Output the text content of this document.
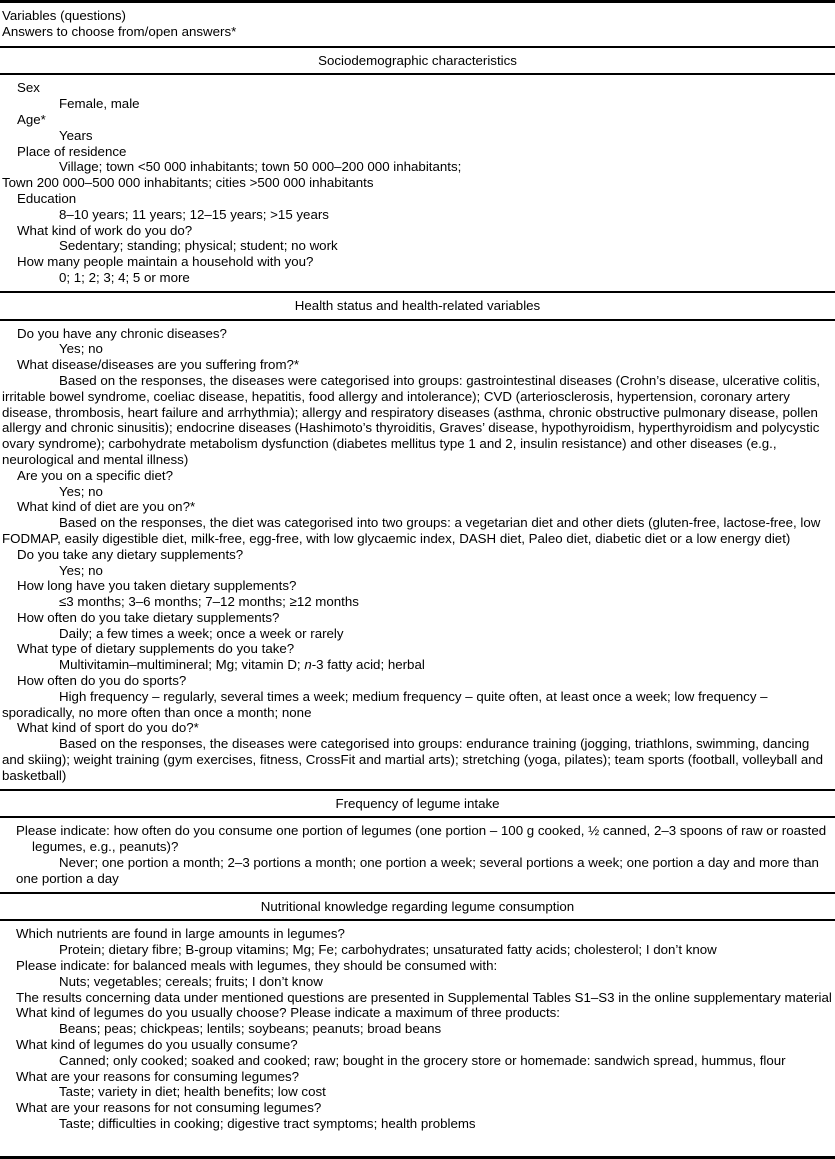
Variables (questions)

Answers to choose from/open answers*

Sociodemographic characteristics

Sex

Female, male

Age*

Years

Place of residence

Village; town <50 000 inhabitants; town 50 000–200 000 inhabitants;

Town 200 000–500 000 inhabitants; cities >500 000 inhabitants

Education

8–10 years; 11 years; 12–15 years; >15 years

What kind of work do you do?

Sedentary; standing; physical; student; no work

How many people maintain a household with you?

0; 1; 2; 3; 4; 5 or more

Health status and health-related variables

Do you have any chronic diseases?

Yes; no

What disease/diseases are you suffering from?*

Based on the responses, the diseases were categorised into groups: gastrointestinal diseases (Crohn’s disease, ulcerative colitis, irritable bowel syndrome, coeliac disease, hepatitis, food allergy and intolerance); CVD (arteriosclerosis, hypertension, coronary artery disease, thrombosis, heart failure and arrhythmia); allergy and respiratory diseases (asthma, chronic obstructive pulmonary disease, pollen allergy and chronic sinusitis); endocrine diseases (Hashimoto’s thyroiditis, Graves’ disease, hypothyroidism, hyperthyroidism and polycystic ovary syndrome); carbohydrate metabolism dysfunction (diabetes mellitus type 1 and 2, insulin resistance) and other diseases (e.g., neurological and mental illness)

Are you on a specific diet?

Yes; no

What kind of diet are you on?*

Based on the responses, the diet was categorised into two groups: a vegetarian diet and other diets (gluten-free, lactose-free, low FODMAP, easily digestible diet, milk-free, egg-free, with low glycaemic index, DASH diet, Paleo diet, diabetic diet or a low energy diet)

Do you take any dietary supplements?

Yes; no

How long have you taken dietary supplements?

≤3 months; 3–6 months; 7–12 months; ≥12 months

How often do you take dietary supplements?

Daily; a few times a week; once a week or rarely

What type of dietary supplements do you take?

Multivitamin–multimineral; Mg; vitamin D; n-3 fatty acid; herbal

How often do you do sports?

High frequency – regularly, several times a week; medium frequency – quite often, at least once a week; low frequency – sporadically, no more often than once a month; none

What kind of sport do you do?*

Based on the responses, the diseases were categorised into groups: endurance training (jogging, triathlons, swimming, dancing and skiing); weight training (gym exercises, fitness, CrossFit and martial arts); stretching (yoga, pilates); team sports (football, volleyball and basketball)

Frequency of legume intake

Please indicate: how often do you consume one portion of legumes (one portion – 100 g cooked, ½ canned, 2–3 spoons of raw or roasted legumes, e.g., peanuts)?

Never; one portion a month; 2–3 portions a month; one portion a week; several portions a week; one portion a day and more than one portion a day

Nutritional knowledge regarding legume consumption

Which nutrients are found in large amounts in legumes?

Protein; dietary fibre; B-group vitamins; Mg; Fe; carbohydrates; unsaturated fatty acids; cholesterol; I don’t know

Please indicate: for balanced meals with legumes, they should be consumed with:

Nuts; vegetables; cereals; fruits; I don’t know

The results concerning data under mentioned questions are presented in Supplemental Tables S1–S3 in the online supplementary material

What kind of legumes do you usually choose? Please indicate a maximum of three products:

Beans; peas; chickpeas; lentils; soybeans; peanuts; broad beans

What kind of legumes do you usually consume?

Canned; only cooked; soaked and cooked; raw; bought in the grocery store or homemade: sandwich spread, hummus, flour

What are your reasons for consuming legumes?

Taste; variety in diet; health benefits; low cost

What are your reasons for not consuming legumes?

Taste; difficulties in cooking; digestive tract symptoms; health problems
